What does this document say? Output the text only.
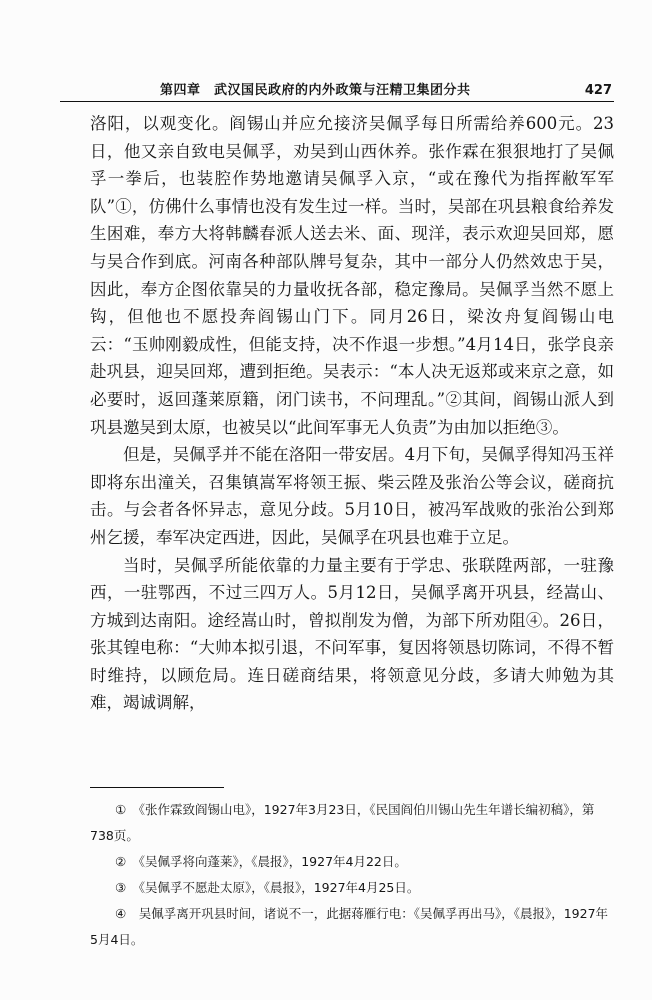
第四章　武汉国民政府的内外政策与汪精卫集团分共	427

洛阳，以观变化。阎锡山并应允接济吴佩孚每日所需给养600元。23日，他又亲自致电吴佩孚，劝吴到山西休养。张作霖在狠狠地打了吴佩孚一拳后，也装腔作势地邀请吴佩孚入京，“或在豫代为指挥敝军军队”①，仿佛什么事情也没有发生过一样。当时，吴部在巩县粮食给养发生困难，奉方大将韩麟春派人送去米、面、现洋，表示欢迎吴回郑，愿与吴合作到底。河南各种部队牌号复杂，其中一部分人仍然效忠于吴，因此，奉方企图依靠吴的力量收抚各部，稳定豫局。吴佩孚当然不愿上钩，但他也不愿投奔阎锡山门下。同月26日，梁汝舟复阎锡山电云：“玉帅刚毅成性，但能支持，决不作退一步想。”4月14日，张学良亲赴巩县，迎吴回郑，遭到拒绝。吴表示：“本人决无返郑或来京之意，如必要时，返回蓬莱原籍，闭门读书，不问理乱。”②其间，阎锡山派人到巩县邀吴到太原，也被吴以“此间军事无人负责”为由加以拒绝③。

但是，吴佩孚并不能在洛阳一带安居。4月下旬，吴佩孚得知冯玉祥即将东出潼关，召集镇嵩军将领王振、柴云陞及张治公等会议，磋商抗击。与会者各怀异志，意见分歧。5月10日，被冯军战败的张治公到郑州乞援，奉军决定西进，因此，吴佩孚在巩县也难于立足。

当时，吴佩孚所能依靠的力量主要有于学忠、张联陞两部，一驻豫西，一驻鄂西，不过三四万人。5月12日，吴佩孚离开巩县，经嵩山、方城到达南阳。途经嵩山时，曾拟削发为僧，为部下所劝阻④。26日，张其锽电称：“大帅本拟引退，不问军事，复因将领恳切陈词，不得不暂时维持，以顾危局。连日磋商结果，将领意见分歧，多请大帅勉为其难，竭诚调解，

①　《张作霖致阎锡山电》，1927年3月23日，《民国阎伯川锡山先生年谱长编初稿》，第738页。

②　《吴佩孚将向蓬莱》，《晨报》，1927年4月22日。

③　《吴佩孚不愿赴太原》，《晨报》，1927年4月25日。

④　吴佩孚离开巩县时间，诸说不一，此据蒋雁行电：《吴佩孚再出马》，《晨报》，1927年5月4日。
